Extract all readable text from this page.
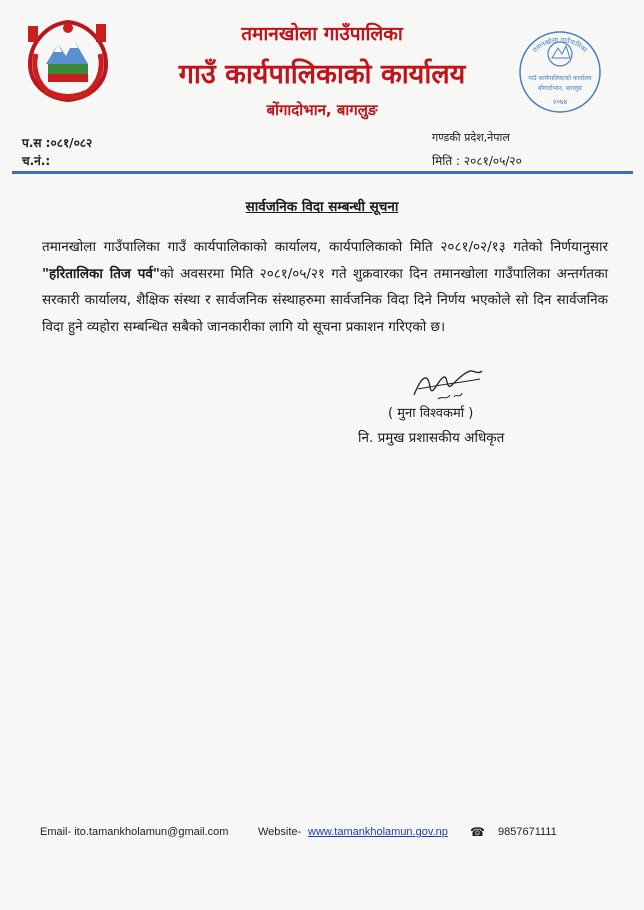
तमानखोला गाउँपालिका
गाउँ कार्यपालिकाको कार्यालय
बोंगादोभान, बागलुङ
तमानखोला गाउँपालिका
गाउँ कार्यपालिकाको कार्यालय
बोंगादोभान, बागलुङ
२०७४
प.स :०८१/०८२
च.नं.:
गण्डकी प्रदेश,नेपाल
मिति : २०८१/०५/२०
सार्वजनिक विदा सम्बन्धी सूचना
तमानखोला गाउँपालिका गाउँ कार्यपालिकाको कार्यालय, कार्यपालिकाको मिति २०८१/०२/१३ गतेको निर्णयानुसार "हरितालिका तिज पर्व"को अवसरमा मिति २०८१/०५/२१ गते शुक्रवारका दिन तमानखोला गाउँपालिका अन्तर्गतका सरकारी कार्यालय, शैक्षिक संस्था र सार्वजनिक संस्थाहरुमा सार्वजनिक विदा दिने निर्णय भएकोले सो दिन सार्वजनिक विदा हुने व्यहोरा सम्बन्धित सबैको जानकारीका लागि यो सूचना प्रकाशन गरिएको छ।
( मुना विश्वकर्मा )
नि. प्रमुख प्रशासकीय अधिकृत
Email- ito.tamankholamun@gmail.com	Website- www.tamankholamun.gov.np ☎ 9857671111
